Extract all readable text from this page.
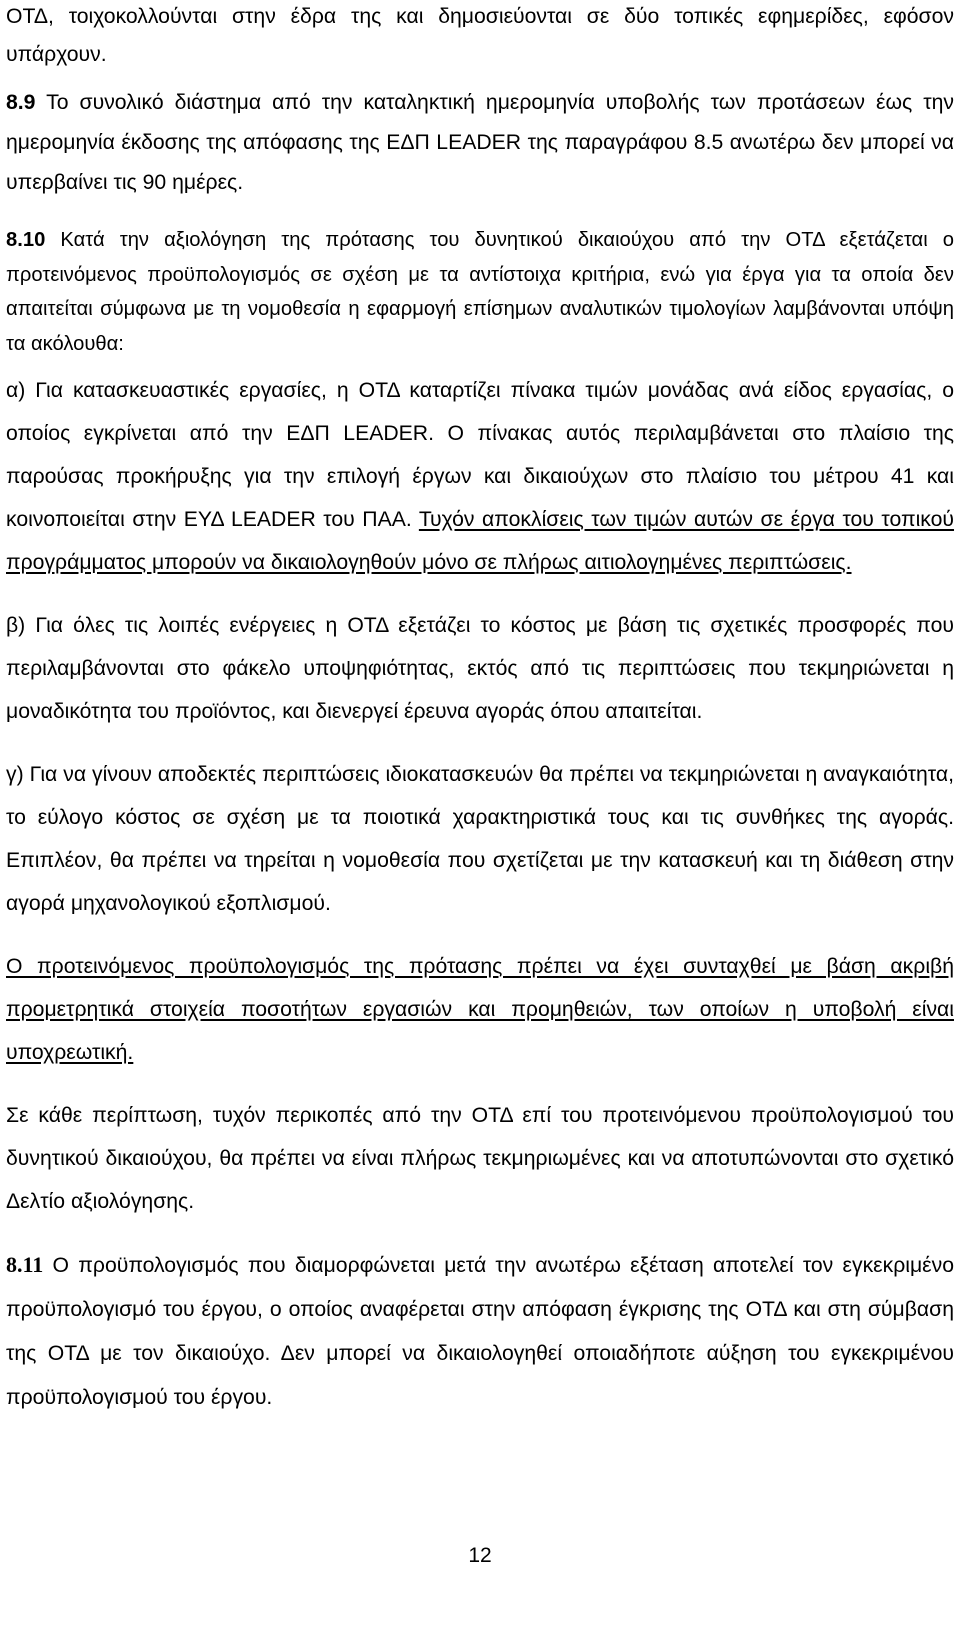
ΟΤΔ, τοιχοκολλούνται στην έδρα της και δημοσιεύονται σε δύο τοπικές εφημερίδες, εφόσον υπάρχουν.

8.9 Το συνολικό διάστημα από την καταληκτική ημερομηνία υποβολής των προτάσεων έως την ημερομηνία έκδοσης της απόφασης της ΕΔΠ LEADER της παραγράφου 8.5 ανωτέρω δεν μπορεί να υπερβαίνει τις 90 ημέρες.

8.10 Κατά την αξιολόγηση της πρότασης του δυνητικού δικαιούχου από την ΟΤΔ εξετάζεται ο προτεινόμενος προϋπολογισμός σε σχέση με τα αντίστοιχα κριτήρια, ενώ για έργα για τα οποία δεν απαιτείται σύμφωνα με τη νομοθεσία η εφαρμογή επίσημων αναλυτικών τιμολογίων λαμβάνονται υπόψη τα ακόλουθα:

α) Για κατασκευαστικές εργασίες, η ΟΤΔ καταρτίζει πίνακα τιμών μονάδας ανά είδος εργασίας, ο οποίος εγκρίνεται από την ΕΔΠ LEADER. Ο πίνακας αυτός περιλαμβάνεται στο πλαίσιο της παρούσας προκήρυξης για την επιλογή έργων και δικαιούχων στο πλαίσιο του μέτρου 41 και κοινοποιείται στην ΕΥΔ LEADER του ΠΑΑ. Τυχόν αποκλίσεις των τιμών αυτών σε έργα του τοπικού προγράμματος μπορούν να δικαιολογηθούν μόνο σε πλήρως αιτιολογημένες περιπτώσεις.

β) Για όλες τις λοιπές ενέργειες η ΟΤΔ εξετάζει το κόστος με βάση τις σχετικές προσφορές που περιλαμβάνονται στο φάκελο υποψηφιότητας, εκτός από τις περιπτώσεις που τεκμηριώνεται η μοναδικότητα του προϊόντος, και διενεργεί έρευνα αγοράς όπου απαιτείται.

γ) Για να γίνουν αποδεκτές περιπτώσεις ιδιοκατασκευών θα πρέπει να τεκμηριώνεται η αναγκαιότητα, το εύλογο κόστος σε σχέση με τα ποιοτικά χαρακτηριστικά τους και τις συνθήκες της αγοράς. Επιπλέον, θα πρέπει να τηρείται η νομοθεσία που σχετίζεται με την κατασκευή και τη διάθεση στην αγορά μηχανολογικού εξοπλισμού.

Ο προτεινόμενος προϋπολογισμός της πρότασης πρέπει να έχει συνταχθεί με βάση ακριβή προμετρητικά στοιχεία ποσοτήτων εργασιών και προμηθειών, των οποίων η υποβολή είναι υποχρεωτική.

Σε κάθε περίπτωση, τυχόν περικοπές από την ΟΤΔ επί του προτεινόμενου προϋπολογισμού του δυνητικού δικαιούχου, θα πρέπει να είναι πλήρως τεκμηριωμένες και να αποτυπώνονται στο σχετικό Δελτίο αξιολόγησης.

8.11 Ο προϋπολογισμός που διαμορφώνεται μετά την ανωτέρω εξέταση αποτελεί τον εγκεκριμένο προϋπολογισμό του έργου, ο οποίος αναφέρεται στην απόφαση έγκρισης της ΟΤΔ και στη σύμβαση της ΟΤΔ με τον δικαιούχο. Δεν μπορεί να δικαιολογηθεί οποιαδήποτε αύξηση του εγκεκριμένου προϋπολογισμού του έργου.

12
